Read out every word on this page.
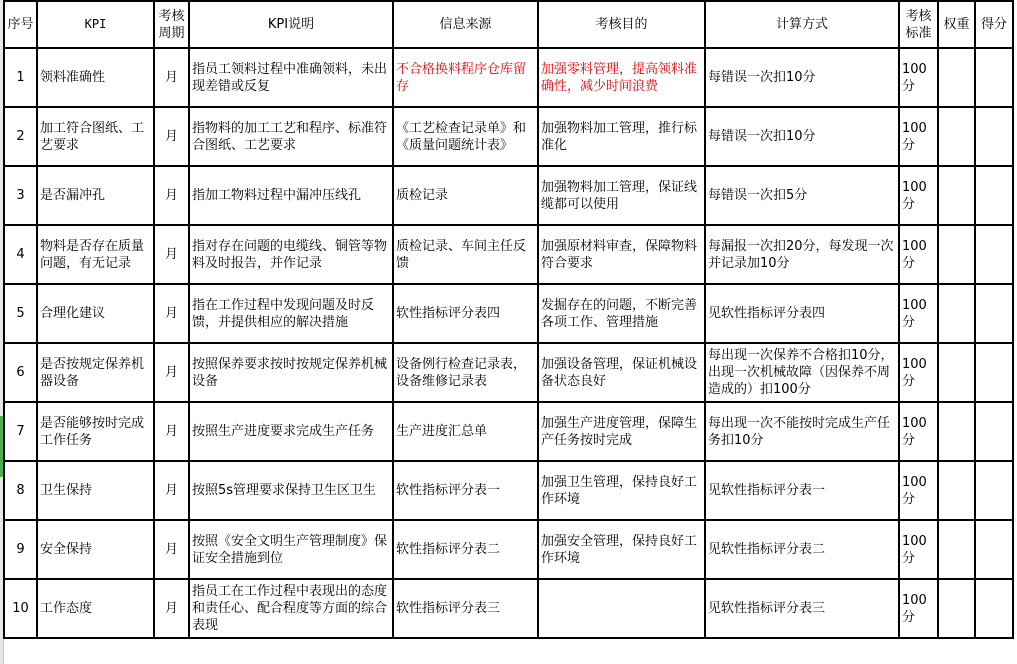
序号	KPI	考核周期	KPI说明	信息来源	考核目的	计算方式	考核标准	权重	得分
1	领料准确性	月	指员工领料过程中准确领料，未出现差错或反复	不合格换料程序仓库留存	加强零料管理，提高领料准确性，减少时间浪费	每错误一次扣10分	100分		
2	加工符合图纸、工艺要求	月	指物料的加工工艺和程序、标准符合图纸、工艺要求	《工艺检查记录单》和《质量问题统计表》	加强物料加工管理，推行标准化	每错误一次扣10分	100分		
3	是否漏冲孔	月	指加工物料过程中漏冲压线孔	质检记录	加强物料加工管理，保证线缆都可以使用	每错误一次扣5分	100分		
4	物料是否存在质量问题，有无记录	月	指对存在问题的电缆线、铜管等物料及时报告，并作记录	质检记录、车间主任反馈	加强原材料审查，保障物料符合要求	每漏报一次扣20分，每发现一次并记录加10分	100分		
5	合理化建议	月	指在工作过程中发现问题及时反馈，并提供相应的解决措施	软性指标评分表四	发掘存在的问题，不断完善各项工作、管理措施	见软性指标评分表四	100分		
6	是否按规定保养机器设备	月	按照保养要求按时按规定保养机械设备	设备例行检查记录表，设备维修记录表	加强设备管理，保证机械设备状态良好	每出现一次保养不合格扣10分，出现一次机械故障（因保养不周造成的）扣100分	100分		
7	是否能够按时完成工作任务	月	按照生产进度要求完成生产任务	生产进度汇总单	加强生产进度管理，保障生产任务按时完成	每出现一次不能按时完成生产任务扣10分	100分		
8	卫生保持	月	按照5s管理要求保持卫生区卫生	软性指标评分表一	加强卫生管理，保持良好工作环境	见软性指标评分表一	100分		
9	安全保持	月	按照《安全文明生产管理制度》保证安全措施到位	软性指标评分表二	加强安全管理，保持良好工作环境	见软性指标评分表二	100分		
10	工作态度	月	指员工在工作过程中表现出的态度和责任心、配合程度等方面的综合表现	软性指标评分表三		见软性指标评分表三	100分		
